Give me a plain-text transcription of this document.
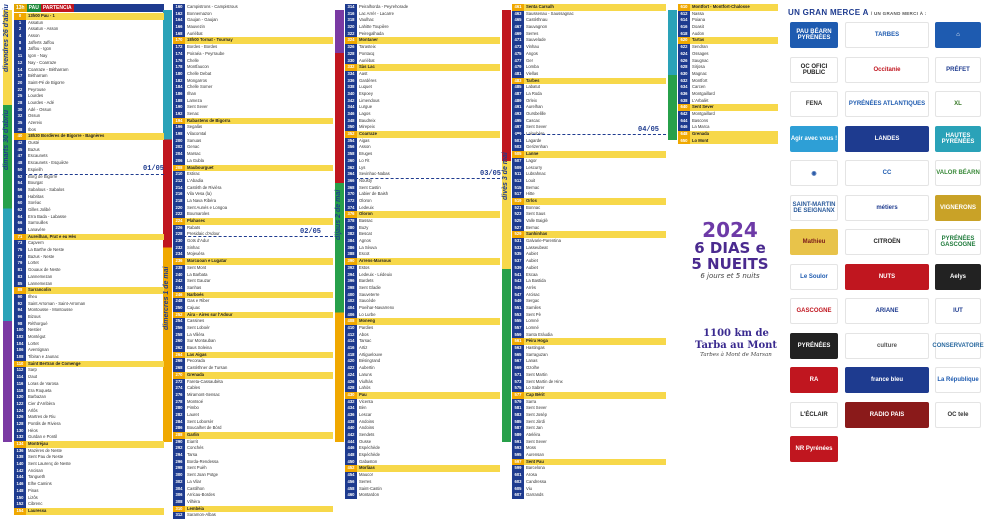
13h PAU PARTENCIA
0	13h00 Pau - 1
1	Assatun
2	Assatun - Asson
4	Asson
8	Jafferts Jaffou
9	Jaffou - Igon
11	Igon - Nay
12	Nay - Coarraze
14	Coarraze - Bétharram
17	Bétharram
20	Saint-Pé de Bigorre
22	Peyrouse
25	Lourdes
28	Lourdes - Adé
30	Adé - Ossun
32	Ossun
35	Azereix
38	Ibos
40	18h30 Bordères de Bigorre - Bagnères
42	Ousté
45	Bazus
47	Escaunets
48	Escaunets - Esquièze
50	Espieilh
52	Borg de Bigorre
54	Bourgat
56	Sabalous - Sabalos
58	Habritas
60	Soréac
62	Gilles Jolibé
64	Erra Bada - Labasse
66	Sarrouilles
68	Lanavère
71	Aureilhan, Prat e eu Hès
73	Capvern
75	La Barthe de Neste
77	Bazus - Neste
79	Lortet
81	Gouaux de Neste
83	Lannemezan
85	Lannemezan
88	Sarrancolin
90	Ilheu
92	Saint Arroman - Saint-Arroman
94	Montousse - Montousse
96	Bizous
98	Réthorgué
100	Nestier
102	Montégut
104	Lortet
106	Aventignan
108	Tibiran e Jaunac
110	Saint Bertran de Comenge
112	Sarp
114	Izaut
116	Loras de Varosa
118	Era Roqueta
120	Barbazan
122	Cier d'Arribèra
124	Arlôs
126	Martres de Riu
128	Pontils de Riviera
130	Hèos
132	Gurdan e Pontil
134	Montréjau
136	Mazères de Neste
138	Sent Pau de Neste
140	Sent Laurenç de Neste
142	Ancisan
144	Tangueth
146	Elhe Camins
148	Pinas
150	Lizôs
152	Cibrenc
154	Lauressa
160	Campistrons - Campistrous
162	Bonnemazon
164	Gaujan - Gaujan
166	Mauvezin
168	Auriébat
170	18h00 Tornat - Tournay
172	Bordes - Bordes
174	Poiraéa - Peyrraube
176	Chelle
178	Montfaucon
180	Chelle Debat
182	Mongarros
184	Chelle Somer
186	Ilhan
188	Lameza
190	Sent Sever
192	Senac
194	Rabastens de Bigorra
196	Segalàs
198	Vilacomtal
200	Sanuas
202	Genac
204	Marsac
206	La Gubla
208	Maubourguet
210	Estirac
212	L'Abadia
214	Castèth de Rivièra
216	Vila Vesa (la)
218	La Nava Ribéra
220	Sent Aunés e Longoa
222	Boumaroles
224	Plahasec
226	Rabats
228	Presidaic d'Adour
230	Gots d'Adur
232	Sinhac
234	Mojeuèra
236	Marcuoan e Lugatar
238	Sent Mont
240	La Barbata
242	Sent Gauzar
244	Sanhas
246	Narboés
248	Gas e Riber
250	Cajuac
252	Aira - Aires sur l'Adour
254	Cassines
256	Sent Loboèr
258	La Vilièra
260	Sur Montauban
262	Baus Soleina
264	Las Aigas
266	Pecorada
268	Castèthner de Tursan
270	Grenada
272	Fareta-Cassaubèta
274	Cables
276	Miramont-Sensac
278	Montsoé
280	Pimbo
282	Lauret
284	Sent Loborsèr
286	Boucalhet de Bòrd
288	Garlin
290	Eiarrit
292	Conchés
294	Tarsa
296	Borda-Rendessa
298	Sent Puèh
300	Sent Joan Potge
302	La Vilar
304	Castilhon
306	Arricau-Bordes
308	Vilhèra
310	Lembèia
312	Saramon-Albas
314	Peiralhorda - Peyrehorade
316	Lac Arrèr - Lacarre
318	Vaulhac
320	Lahitte Toupière
322	Peiregalhada
324	Montaner
326	Tarasteix
328	Pontacq
330	Auriébat
332	Sàs Lac
334	Aast
336	Gardères
338	Luquet
340	Espoey
342	Limendous
344	Lurgue
346	Lagos
348	Baudreix
350	Mirepeix
352	Coarraze
354	Aigas
356	Asson
358	Bruges
360	Lo Fit
362	Lys
364	Sevinhac-Nabas
366	Nousty
368	Sent Castin
370	Labier de Baish
372	Oloron
374	Ledeuix
376	Oloron
378	Bassac
380	Buzy
382	Bescat
384	Agnos
386	La Sèuva
388	Escot
390	Arrens-Marsous
392	Estos
394	Ledeuix - Lédeuix
396	Bardets
398	Sent Gladie
400	Sauveterre
402	Saucède
404	Poeihar-Navarrenx
406	Lo Lurbe
408	Moneng
410	Pardies
412	Abos
414	Tarsac
416	Artiz
418	Artiguelouve
420	Bésingrand
422	Aubertin
424	Laruns
426	Viulhàs
428	Lahòs
430	Pau
432	Vicenta
434	Bèn
436	Lescar
438	Andoins
440	Andoins
442	Sendets
444	Ousse
446	Espéchède
448	Espéchède
450	Gabaston
452	Morlàas
454	Maucor
456	Serres
458	Saint-Castin
460	Montardon
461	Senta Carsalh
463	Saussenau - Saussagnac
465	Castèthnau
467	Sauvagnon
469	Serres
471	Sauvelade
473	Vinhau
475	Angos
477	Ger
479	Lomba
481	Viellas
483	Tarbes
485	Labatut
487	La Roda
489	Orleix
491	Aurelhan
493	Oursbelille
495	Cascac
497	Sent Sever
499	Laloubère
501	Lagarde
503	Gerizenhan
505	Lanne
507	Lagor
509	Lescurry
511	Lubrahnac
513	Louit
515	Bernac
517	Hitte
519	Orlos
521	Bonnac
523	Sent Saus
525	Valle Baiglè
527	Bernac
529	Sanhinhas
531	Galvarie-Parentina
533	Lasseubeat
535	Aubiet
537	Aubiet
539	Aubiet
541	Escaa
543	La Bastida
545	Arrès
547	Arcisac
549	Sergac
551	Samiles
553	Sent Pè
555	Lomné
557	Lomné
559	Santa Eràudia
561	Pèira Hoga
563	Hastingas
565	Sarraguzan
567	Lanas
569	Ozolhe
571	Sent Martin
573	Sent Martin de Hinx
575	Lo Sabrer
577	Cap Bèrit
579	Sarra
581	Sent Sever
583	Sent Josèp
585	Sent Jòrdi
587	Sent Jan
589	Atelèira
591	Sent Sever
593	Moss
595	Aurensan
597	Sent Pau
599	Barcelona
601	Arosa
603	Candressa
605	Viu
607	Garrands
610	Montfort - Montfort-Chalosse
612	Nassa
614	Poiana
616	Doasit
618	Audon
620	Tartas
622	Sendran
624	Ossages
626	Saugnac
628	Sirjosa
630	Magnac
632	Montfort
634	Carcen
636	Montgaillard
638	L'Arbalèt
640	Sent Sever
642	Montgaillard
644	Bascons
646	La Marca
648	Grenada
650	Lo Mont
divendres 26 d'abriu
dimarts 30 d'abriu
dimercres 1 de mai
dijaus 2 de mai
divès 3 de mai
01/05
02/05
03/05
04/05
2024
6 DIAS e
5 NUEITS
6 jours et 5 nuits
1100 km de Tarba au Mont
Tarbes à Mont de Marsan
UN GRAN MERCE A / UN GRAND MERCI À :
PAU BÉARN PYRÉNÉES	TARBES	⌂
OC OFICI PUBLIC	Occitanie	PRÉFET
FENA	PYRÉNÉES ATLANTIQUES	XL
Agir avec vous !	LANDES	HAUTES PYRÉNÉES
◉	CC	VALOR BÉARN
SAINT-MARTIN DE SEIGNANX	métiers	VIGNERONS
Mathieu	CITROËN	PYRÉNÉES GASCOGNE
Le Soulor	NUTS	Aelys
GASCOGNE	ARIANE	IUT
PYRÉNÉES	culture	CONSERVATOIRE
RA	france bleu	La République
L'ÉCLAIR	RADIO PAIS	OC tele
NR Pyrénées
